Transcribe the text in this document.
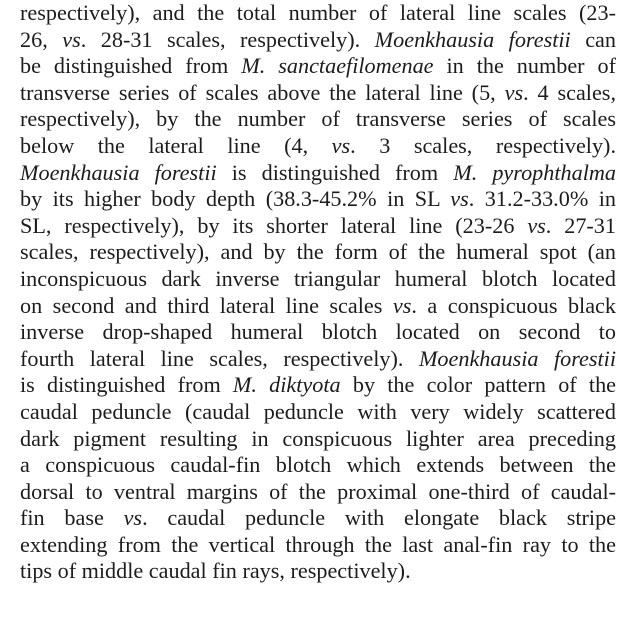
respectively), and the total number of lateral line scales (23-
26, vs. 28-31 scales, respectively). Moenkhausia forestii can
be distinguished from M. sanctaefilomenae in the number of
transverse series of scales above the lateral line (5, vs. 4 scales,
respectively), by the number of transverse series of scales
below the lateral line (4, vs. 3 scales, respectively).
Moenkhausia forestii is distinguished from M. pyrophthalma
by its higher body depth (38.3-45.2% in SL vs. 31.2-33.0% in
SL, respectively), by its shorter lateral line (23-26 vs. 27-31
scales, respectively), and by the form of the humeral spot (an
inconspicuous dark inverse triangular humeral blotch located
on second and third lateral line scales vs. a conspicuous black
inverse drop-shaped humeral blotch located on second to
fourth lateral line scales, respectively). Moenkhausia forestii
is distinguished from M. diktyota by the color pattern of the
caudal peduncle (caudal peduncle with very widely scattered
dark pigment resulting in conspicuous lighter area preceding
a conspicuous caudal-fin blotch which extends between the
dorsal to ventral margins of the proximal one-third of caudal-
fin base vs. caudal peduncle with elongate black stripe
extending from the vertical through the last anal-fin ray to the
tips of middle caudal fin rays, respectively).
